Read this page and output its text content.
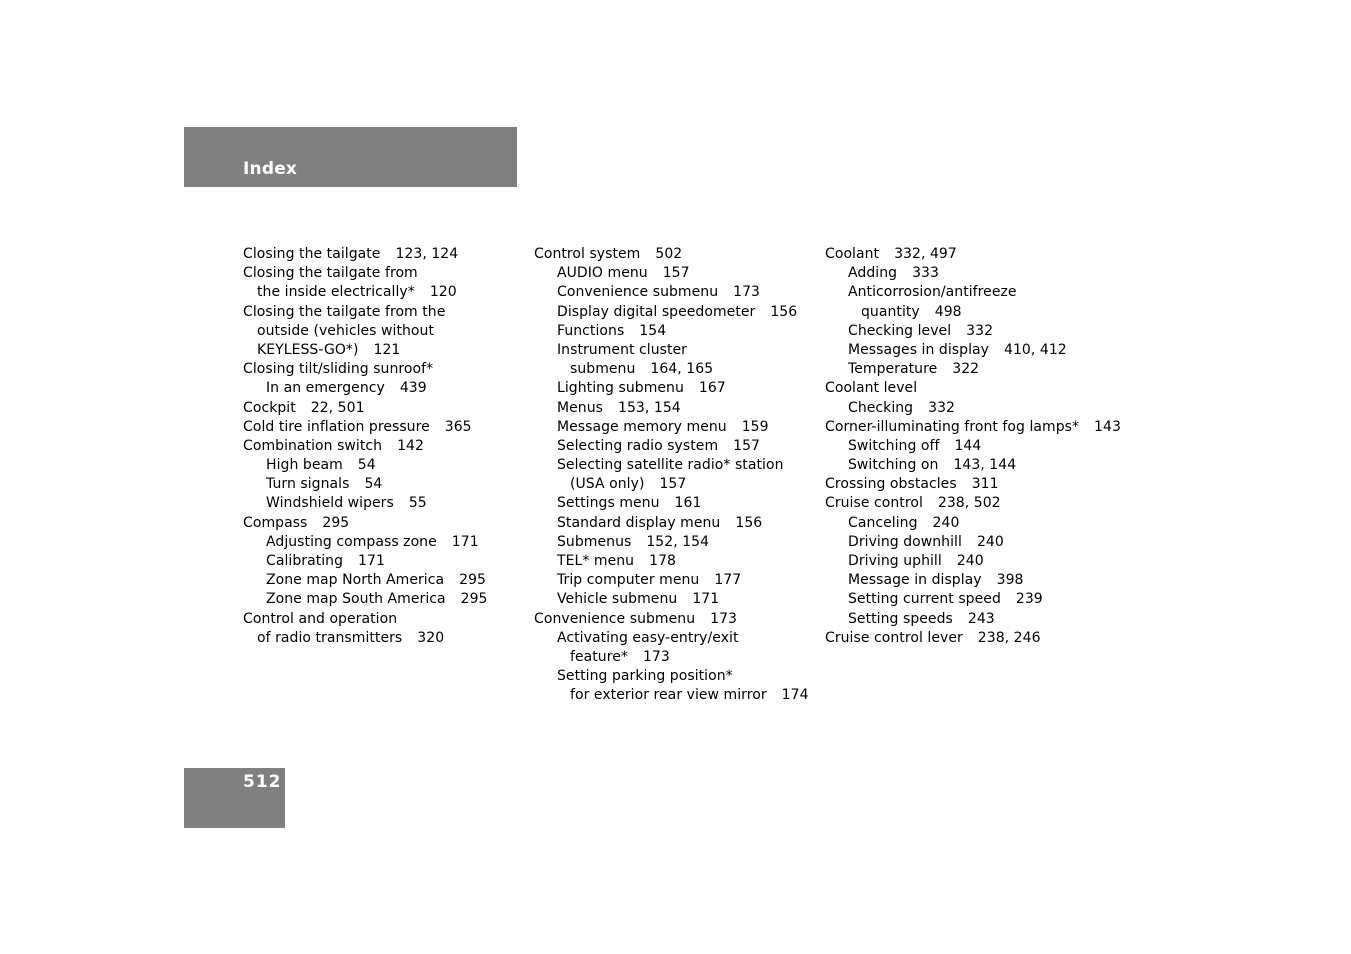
Index
Closing the tailgate 123, 124
Closing the tailgate from
the inside electrically* 120
Closing the tailgate from the
outside (vehicles without
KEYLESS-GO*) 121
Closing tilt/sliding sunroof*
In an emergency 439
Cockpit 22, 501
Cold tire inflation pressure 365
Combination switch 142
High beam 54
Turn signals 54
Windshield wipers 55
Compass 295
Adjusting compass zone 171
Calibrating 171
Zone map North America 295
Zone map South America 295
Control and operation
of radio transmitters 320
Control system 502
AUDIO menu 157
Convenience submenu 173
Display digital speedometer 156
Functions 154
Instrument cluster
submenu 164, 165
Lighting submenu 167
Menus 153, 154
Message memory menu 159
Selecting radio system 157
Selecting satellite radio* station
(USA only) 157
Settings menu 161
Standard display menu 156
Submenus 152, 154
TEL* menu 178
Trip computer menu 177
Vehicle submenu 171
Convenience submenu 173
Activating easy-entry/exit
feature* 173
Setting parking position*
for exterior rear view mirror 174
Coolant 332, 497
Adding 333
Anticorrosion/antifreeze
quantity 498
Checking level 332
Messages in display 410, 412
Temperature 322
Coolant level
Checking 332
Corner-illuminating front fog lamps* 143
Switching off 144
Switching on 143, 144
Crossing obstacles 311
Cruise control 238, 502
Canceling 240
Driving downhill 240
Driving uphill 240
Message in display 398
Setting current speed 239
Setting speeds 243
Cruise control lever 238, 246
512
